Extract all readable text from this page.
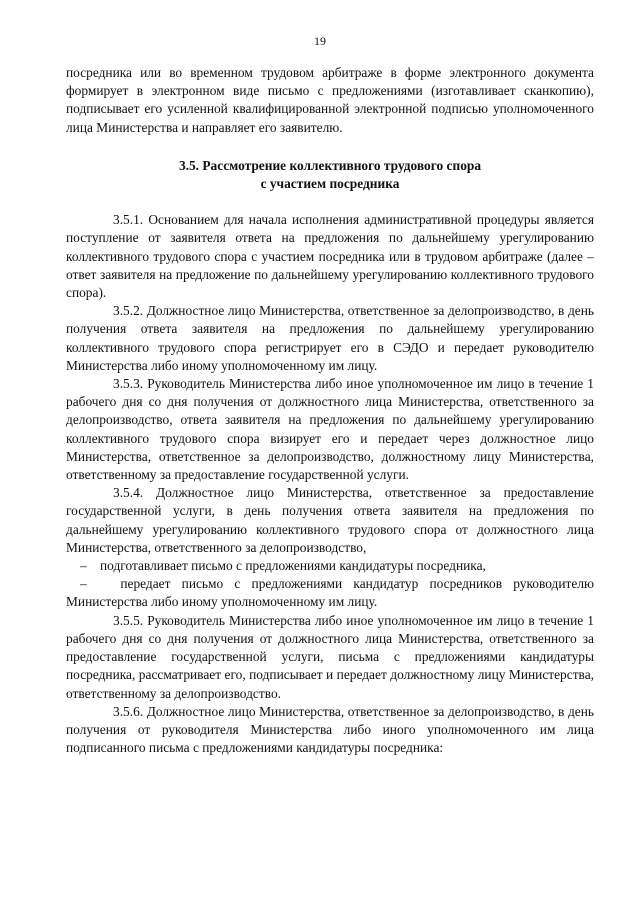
19

посредника или во временном трудовом арбитраже в форме электронного документа формирует в электронном виде письмо с предложениями (изготавливает сканкопию), подписывает его усиленной квалифицированной электронной подписью уполномоченного лица Министерства и направляет его заявителю.

3.5. Рассмотрение коллективного трудового спора
с участием посредника

3.5.1. Основанием для начала исполнения административной процедуры является поступление от заявителя ответа на предложения по дальнейшему урегулированию коллективного трудового спора с участием посредника или в трудовом арбитраже (далее – ответ заявителя на предложение по дальнейшему урегулированию коллективного трудового спора).

3.5.2. Должностное лицо Министерства, ответственное за делопроизводство, в день получения ответа заявителя на предложения по дальнейшему урегулированию коллективного трудового спора регистрирует его в СЭДО и передает руководителю Министерства либо иному уполномоченному им лицу.

3.5.3. Руководитель Министерства либо иное уполномоченное им лицо в течение 1 рабочего дня со дня получения от должностного лица Министерства, ответственного за делопроизводство, ответа заявителя на предложения по дальнейшему урегулированию коллективного трудового спора визирует его и передает через должностное лицо Министерства, ответственное за делопроизводство, должностному лицу Министерства, ответственному за предоставление государственной услуги.

3.5.4. Должностное лицо Министерства, ответственное за предоставление государственной услуги, в день получения ответа заявителя на предложения по дальнейшему урегулированию коллективного трудового спора от должностного лица Министерства, ответственного за делопроизводство,

– подготавливает письмо с предложениями кандидатуры посредника,

–	передает письмо с предложениями кандидатур посредников руководителю Министерства либо иному уполномоченному им лицу.

3.5.5. Руководитель Министерства либо иное уполномоченное им лицо в течение 1 рабочего дня со дня получения от должностного лица Министерства, ответственного за предоставление государственной услуги, письма с предложениями кандидатуры посредника, рассматривает его, подписывает и передает должностному лицу Министерства, ответственному за делопроизводство.

3.5.6. Должностное лицо Министерства, ответственное за делопроизводство, в день получения от руководителя Министерства либо иного уполномоченного им лица подписанного письма с предложениями кандидатуры посредника:
